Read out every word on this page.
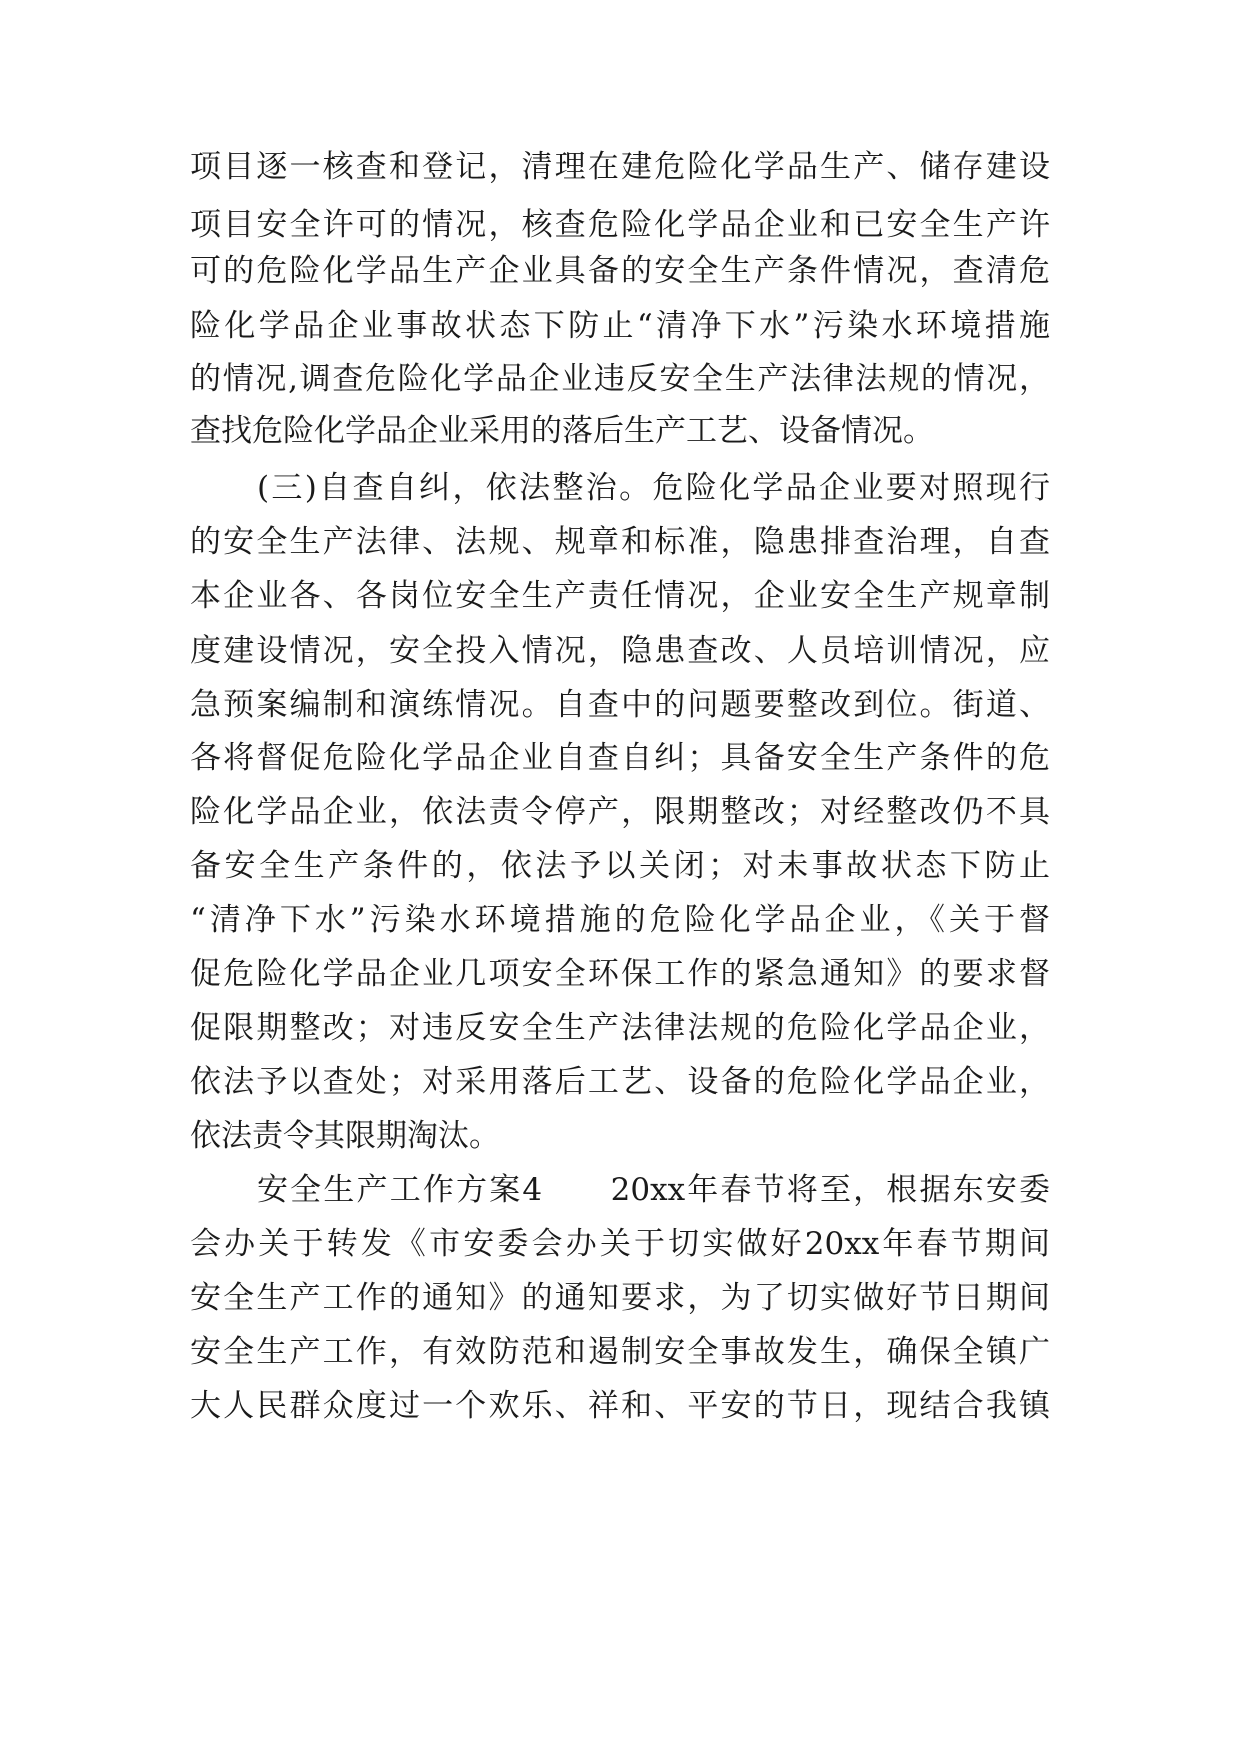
项目逐一核查和登记，清理在建危险化学品生产、储存建设
项目安全许可的情况，核查危险化学品企业和已安全生产许
可的危险化学品生产企业具备的安全生产条件情况，查清危
险化学品企业事故状态下防止“清净下水”污染水环境措施
的情况,调查危险化学品企业违反安全生产法律法规的情况，
查找危险化学品企业采用的落后生产工艺、设备情况。
(三)自查自纠，依法整治。危险化学品企业要对照现行
的安全生产法律、法规、规章和标准，隐患排查治理，自查
本企业各、各岗位安全生产责任情况，企业安全生产规章制
度建设情况，安全投入情况，隐患查改、人员培训情况，应
急预案编制和演练情况。自查中的问题要整改到位。街道、
各将督促危险化学品企业自查自纠；具备安全生产条件的危
险化学品企业，依法责令停产，限期整改；对经整改仍不具
备安全生产条件的，依法予以关闭；对未事故状态下防止
“清净下水”污染水环境措施的危险化学品企业，《关于督
促危险化学品企业几项安全环保工作的紧急通知》的要求督
促限期整改；对违反安全生产法律法规的危险化学品企业，
依法予以查处；对采用落后工艺、设备的危险化学品企业，
依法责令其限期淘汰。
安全生产工作方案4　　20xx年春节将至，根据东安委
会办关于转发《市安委会办关于切实做好20xx年春节期间
安全生产工作的通知》的通知要求，为了切实做好节日期间
安全生产工作，有效防范和遏制安全事故发生，确保全镇广
大人民群众度过一个欢乐、祥和、平安的节日，现结合我镇
